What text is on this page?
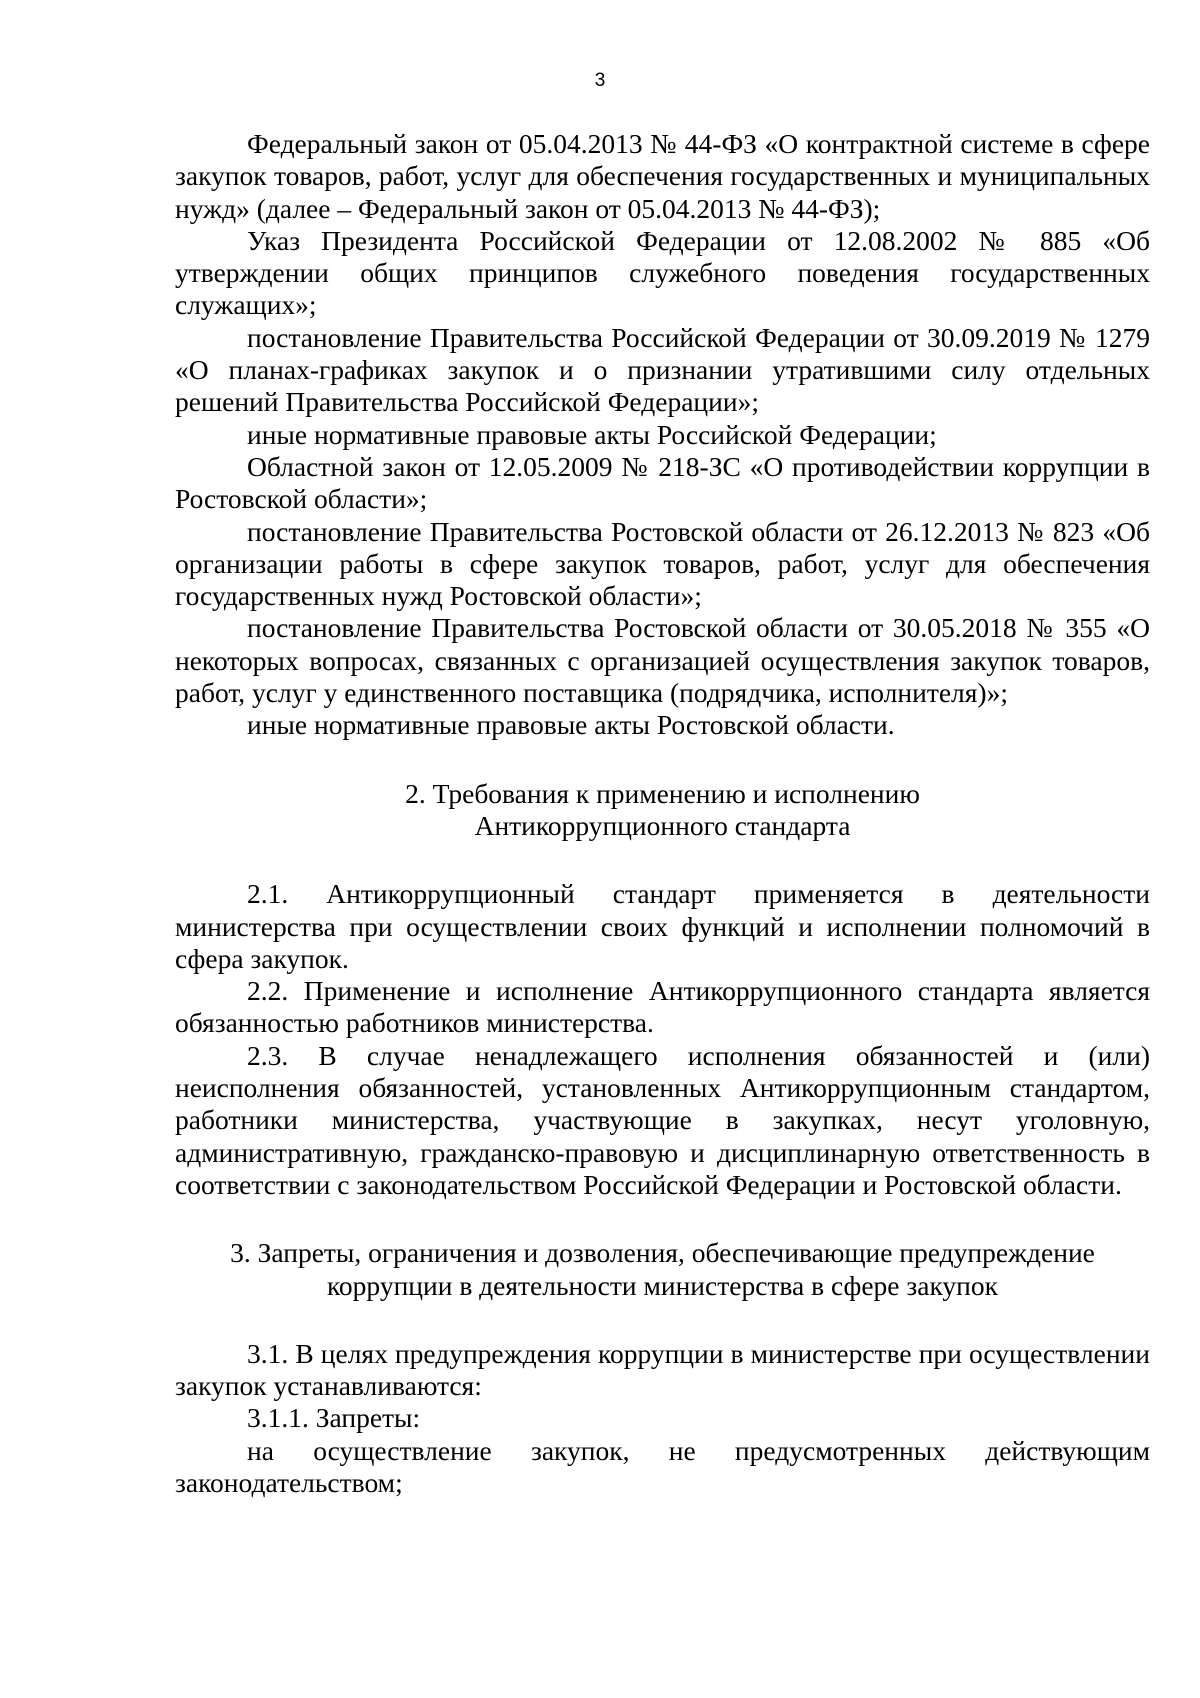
3

Федеральный закон от 05.04.2013 № 44-ФЗ «О контрактной системе в сфере закупок товаров, работ, услуг для обеспечения государственных и муниципальных нужд» (далее – Федеральный закон от 05.04.2013 № 44-ФЗ);

Указ Президента Российской Федерации от 12.08.2002 № 885 «Об утверждении общих принципов служебного поведения государственных служащих»;

постановление Правительства Российской Федерации от 30.09.2019 № 1279 «О планах-графиках закупок и о признании утратившими силу отдельных решений Правительства Российской Федерации»;

иные нормативные правовые акты Российской Федерации;

Областной закон от 12.05.2009 № 218-ЗС «О противодействии коррупции в Ростовской области»;

постановление Правительства Ростовской области от 26.12.2013 № 823 «Об организации работы в сфере закупок товаров, работ, услуг для обеспечения государственных нужд Ростовской области»;

постановление Правительства Ростовской области от 30.05.2018 № 355 «О некоторых вопросах, связанных с организацией осуществления закупок товаров, работ, услуг у единственного поставщика (подрядчика, исполнителя)»;

иные нормативные правовые акты Ростовской области.

2. Требования к применению и исполнению
Антикоррупционного стандарта

2.1. Антикоррупционный стандарт применяется в деятельности министерства при осуществлении своих функций и исполнении полномочий в сфера закупок.

2.2. Применение и исполнение Антикоррупционного стандарта является обязанностью работников министерства.

2.3. В случае ненадлежащего исполнения обязанностей и (или) неисполнения обязанностей, установленных Антикоррупционным стандартом, работники министерства, участвующие в закупках, несут уголовную, административную, гражданско-правовую и дисциплинарную ответственность в соответствии с законодательством Российской Федерации и Ростовской области.

3. Запреты, ограничения и дозволения, обеспечивающие предупреждение
коррупции в деятельности министерства в сфере закупок

3.1. В целях предупреждения коррупции в министерстве при осуществлении закупок устанавливаются:

3.1.1. Запреты:

на осуществление закупок, не предусмотренных действующим законодательством;
